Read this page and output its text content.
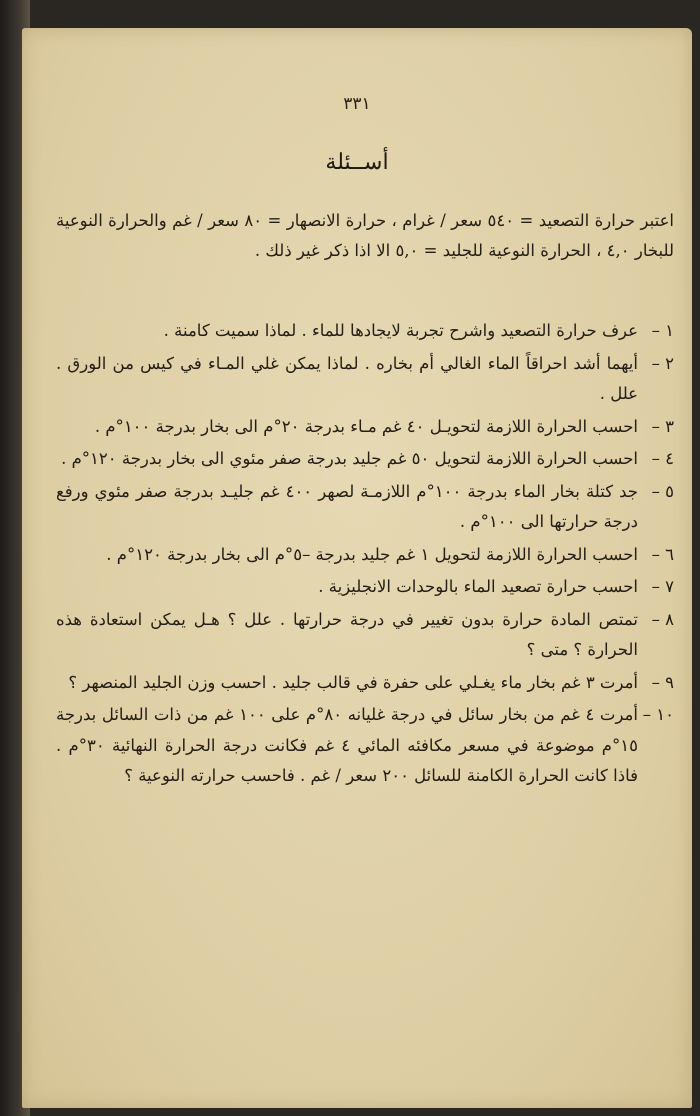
٣٣١
أســئلة
اعتبر حرارة التصعيد = ٥٤٠ سعر / غرام ، حرارة الانصهار = ٨٠ سعر / غم والحرارة النوعية للبخار ٤,٠ ، الحرارة النوعية للجليد = ٥,٠ الا اذا ذكر غير ذلك .
١ –
عرف حرارة التصعيد واشرح تجربة لايجادها للماء . لماذا سميت كامنة .
٢ –
أيهما أشد احراقاً الماء الغالي أم بخاره . لماذا يمكن غلي المـاء في كيس من الورق . علل .
٣ –
احسب الحرارة اللازمة لتحويـل ٤٠ غم مـاء بدرجة ٢٠°م الى بخار بدرجة ١٠٠°م .
٤ –
احسب الحرارة اللازمة لتحويل ٥٠ غم جليد بدرجة صفر مئوي الى بخار بدرجة ١٢٠°م .
٥ –
جد كتلة بخار الماء بدرجة ١٠٠°م اللازمـة لصهر ٤٠٠ غم جليـد بدرجة صفر مئوي ورفع درجة حرارتها الى ١٠٠°م .
٦ –
احسب الحرارة اللازمة لتحويل ١ غم جليد بدرجة –٥°م الى بخار بدرجة ١٢٠°م .
٧ –
احسب حرارة تصعيد الماء بالوحدات الانجليزية .
٨ –
تمتص المادة حرارة بدون تغيير في درجة حرارتها . علل ؟ هـل يمكن استعادة هذه الحرارة ؟ متى ؟
٩ –
أمرت ٣ غم بخار ماء يغـلي على حفرة في قالب جليد . احسب وزن الجليد المنصهر ؟
١٠ –
أمرت ٤ غم من بخار سائل في درجة غليانه ٨٠°م على ١٠٠ غم من ذات السائل بدرجة ١٥°م موضوعة في مسعر مكافئه المائي ٤ غم فكانت درجة الحرارة النهائية ٣٠°م . فاذا كانت الحرارة الكامنة للسائل ٢٠٠ سعر / غم . فاحسب حرارته النوعية ؟
